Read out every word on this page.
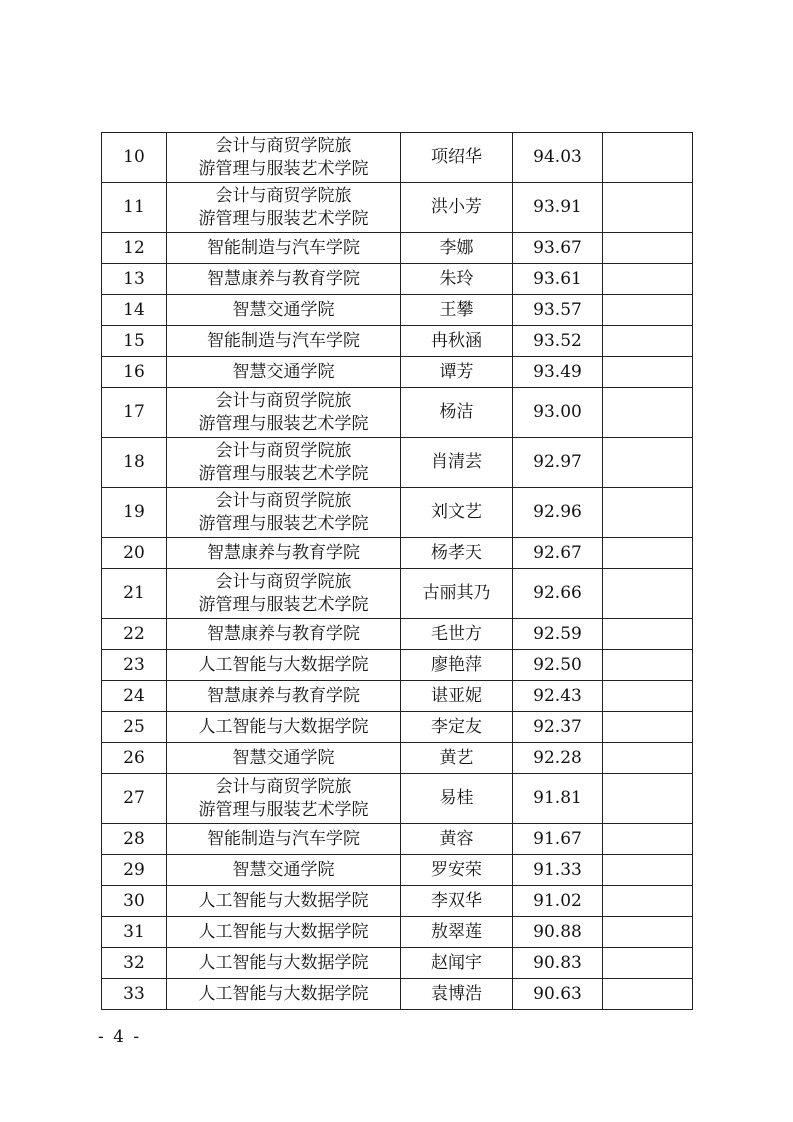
10	会计与商贸学院旅
游管理与服装艺术学院	项绍华	94.03	
11	会计与商贸学院旅
游管理与服装艺术学院	洪小芳	93.91	
12	智能制造与汽车学院	李娜	93.67	
13	智慧康养与教育学院	朱玲	93.61	
14	智慧交通学院	王攀	93.57	
15	智能制造与汽车学院	冉秋涵	93.52	
16	智慧交通学院	谭芳	93.49	
17	会计与商贸学院旅
游管理与服装艺术学院	杨洁	93.00	
18	会计与商贸学院旅
游管理与服装艺术学院	肖清芸	92.97	
19	会计与商贸学院旅
游管理与服装艺术学院	刘文艺	92.96	
20	智慧康养与教育学院	杨孝天	92.67	
21	会计与商贸学院旅
游管理与服装艺术学院	古丽其乃	92.66	
22	智慧康养与教育学院	毛世方	92.59	
23	人工智能与大数据学院	廖艳萍	92.50	
24	智慧康养与教育学院	谌亚妮	92.43	
25	人工智能与大数据学院	李定友	92.37	
26	智慧交通学院	黄艺	92.28	
27	会计与商贸学院旅
游管理与服装艺术学院	易桂	91.81	
28	智能制造与汽车学院	黄容	91.67	
29	智慧交通学院	罗安荣	91.33	
30	人工智能与大数据学院	李双华	91.02	
31	人工智能与大数据学院	敖翠莲	90.88	
32	人工智能与大数据学院	赵闻宇	90.83	
33	人工智能与大数据学院	袁博浩	90.63	
- 4 -
